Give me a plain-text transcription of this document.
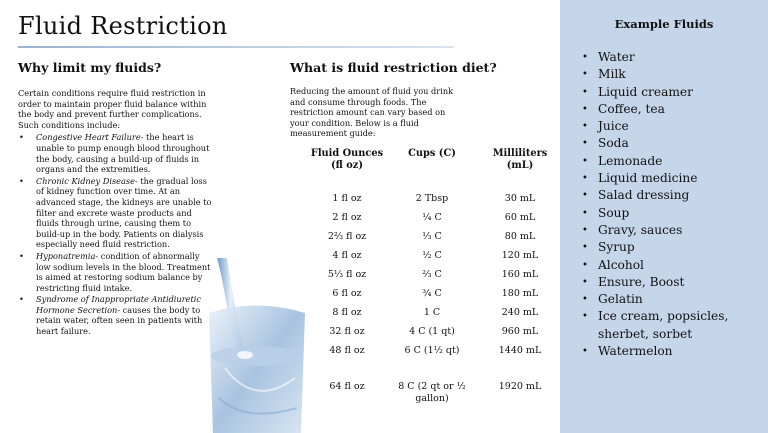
Fluid Restriction
Why limit my fluids?	What is fluid restriction diet?

Certain conditions require fluid restriction in order to maintain proper fluid balance within the body and prevent further complications. Such conditions include:

• Congestive Heart Failure- the heart is unable to pump enough blood throughout the body, causing a build-up of fluids in organs and the extremities.
• Chronic Kidney Disease- the gradual loss of kidney function over time. At an advanced stage, the kidneys are unable to filter and excrete waste products and fluids through urine, causing them to build-up in the body. Patients on dialysis especially need fluid restriction.
• Hyponatremia- condition of abnormally low sodium levels in the blood. Treatment is aimed at restoring sodium balance by restricting fluid intake.
• Syndrome of Inappropriate Antidiuretic Hormone Secretion- causes the body to retain water, often seen in patients with heart failure.

Reducing the amount of fluid you drink and consume through foods. The restriction amount can vary based on your condition. Below is a fluid measurement guide:

Fluid Ounces (fl oz)	Cups (C)	Milliliters (mL)
1 fl oz	2 Tbsp	30 mL
2 fl oz	¼ C	60 mL
2⅔ fl oz	⅓ C	80 mL
4 fl oz	½ C	120 mL
5⅓ fl oz	⅔ C	160 mL
6 fl oz	¾ C	180 mL
8 fl oz	1 C	240 mL
32 fl oz	4 C (1 qt)	960 mL
48 fl oz	6 C (1½ qt)	1440 mL
64 fl oz	8 C (2 qt or ½ gallon)	1920 mL
Example Fluids
• Water
• Milk
• Liquid creamer
• Coffee, tea
• Juice
• Soda
• Lemonade
• Liquid medicine
• Salad dressing
• Soup
• Gravy, sauces
• Syrup
• Alcohol
• Ensure, Boost
• Gelatin
• Ice cream, popsicles, sherbet, sorbet
• Watermelon
